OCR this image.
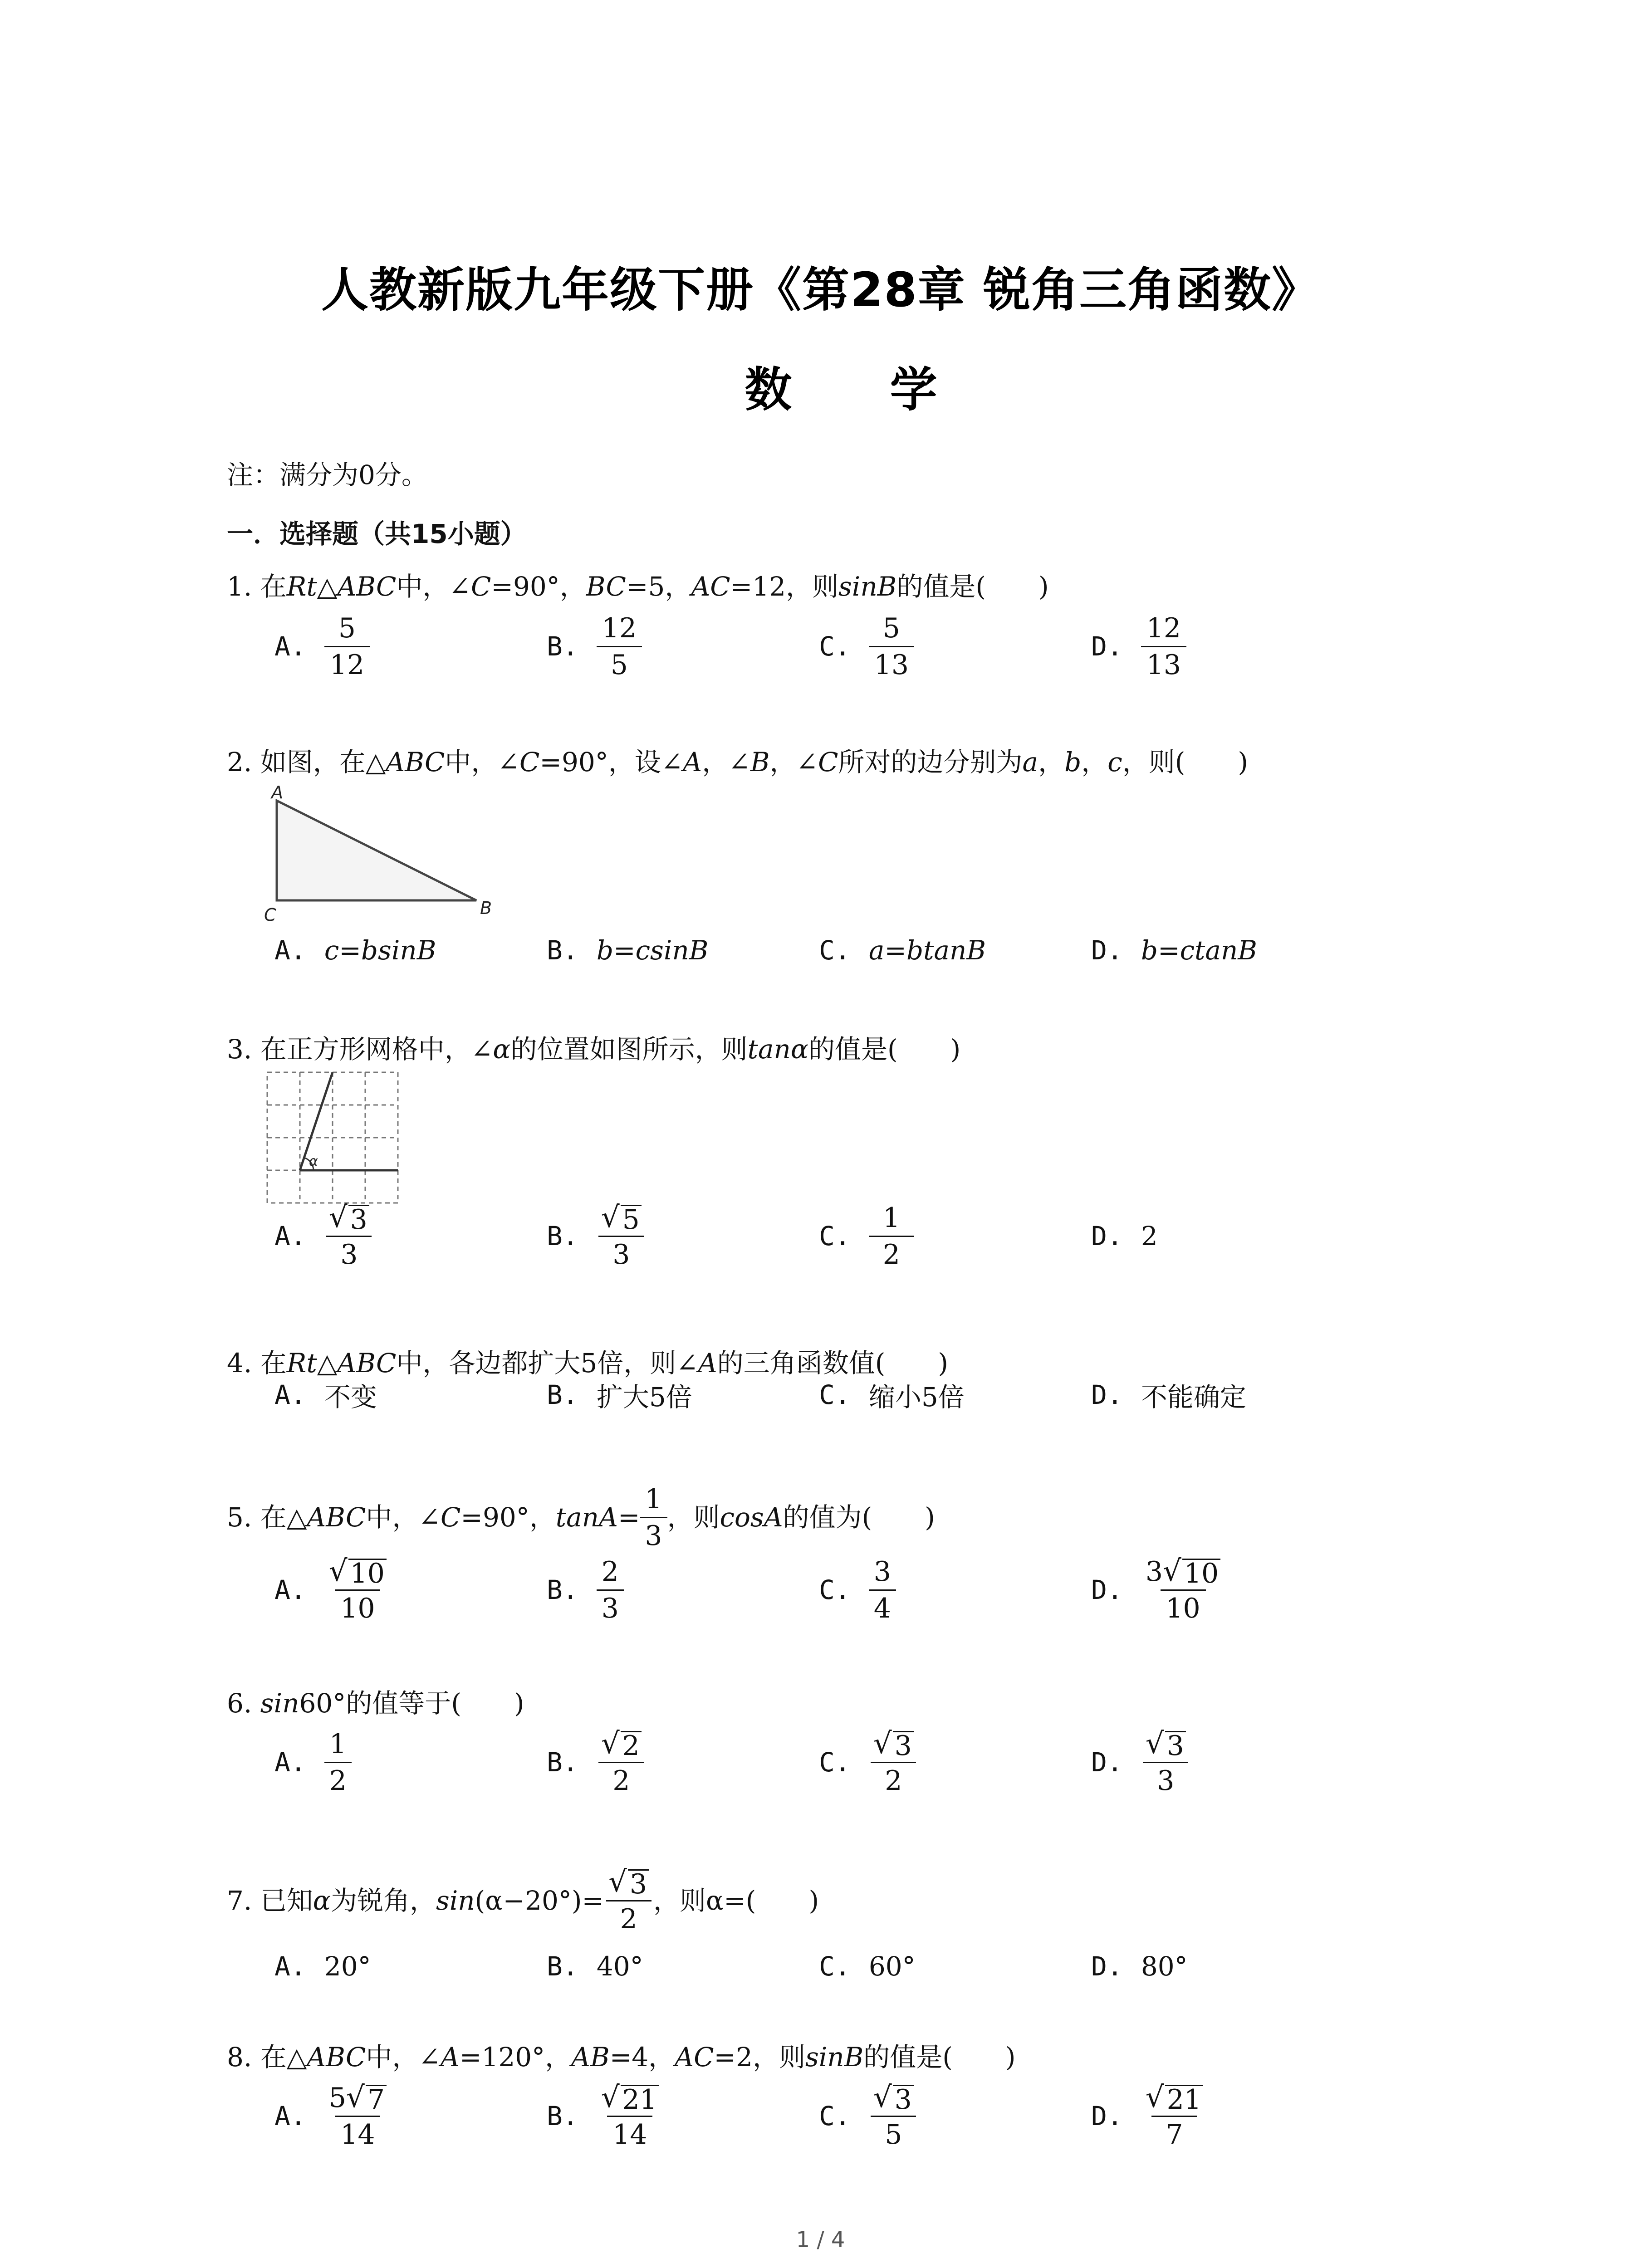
人教新版九年级下册《第28章 锐角三角函数》
数 学
注：满分为0分。
一．选择题（共15小题）
1.
在 Rt △ ABC 中，∠ C =90°， BC =5， AC =12，则 sinB 的值是(　　)
A. $\frac{5}{12}$	B. $\frac{12}{5}$	C. $\frac{5}{13}$	D. $\frac{12}{13}$
2.
如图，在△ ABC 中，∠ C =90°，设∠ A ，∠ B ，∠ C 所对的边分别为 a ， b ， c ，则(　　)
A
C	B
A. c=bsinB	B. b=csinB	C. a=btanB	D. b=ctanB
3.
在正方形网格中，∠ α 的位置如图所示，则 tanα 的值是(　　)
α
A. $\frac{√ 3}{3}$	B. $\frac{√ 5}{3}$	C. $\frac{1}{2}$	D. 2
4.
在 Rt △ ABC 中，各边都扩大5倍，则∠ A 的三角函数值(　　)
A. 不变	B. 扩大5倍	C. 缩小5倍	D. 不能确定
5.
在△ ABC 中，∠ C =90°， $\tan A = \frac{1}{3}$ ，则 cosA 的值为(　　)
A. $\frac{√ 10}{10}$	B. $\frac{2}{3}$	C. $\frac{3}{4}$	D. $\frac{3 √ 10}{10}$
6.
sin 60°的值等于(　　)
A. $\frac{1}{2}$	B. $\frac{√ 2}{2}$	C. $\frac{√ 3}{2}$	D. $\frac{√ 3}{3}$
7.
已知 α 为锐角， $\sin (\alpha-20^\circ)= \frac{√ 3}{2}$ ，则α=(　　)
A. 20°	B. 40°	C. 60°	D. 80°
8.
在△ ABC 中，∠ A =120°， AB =4， AC =2，则 sinB 的值是(　　)
A. $\frac{5 √ 7}{14}$	B. $\frac{√ 21}{14}$	C. $\frac{√ 3}{5}$	D. $\frac{√ 21}{7}$
1 / 4
